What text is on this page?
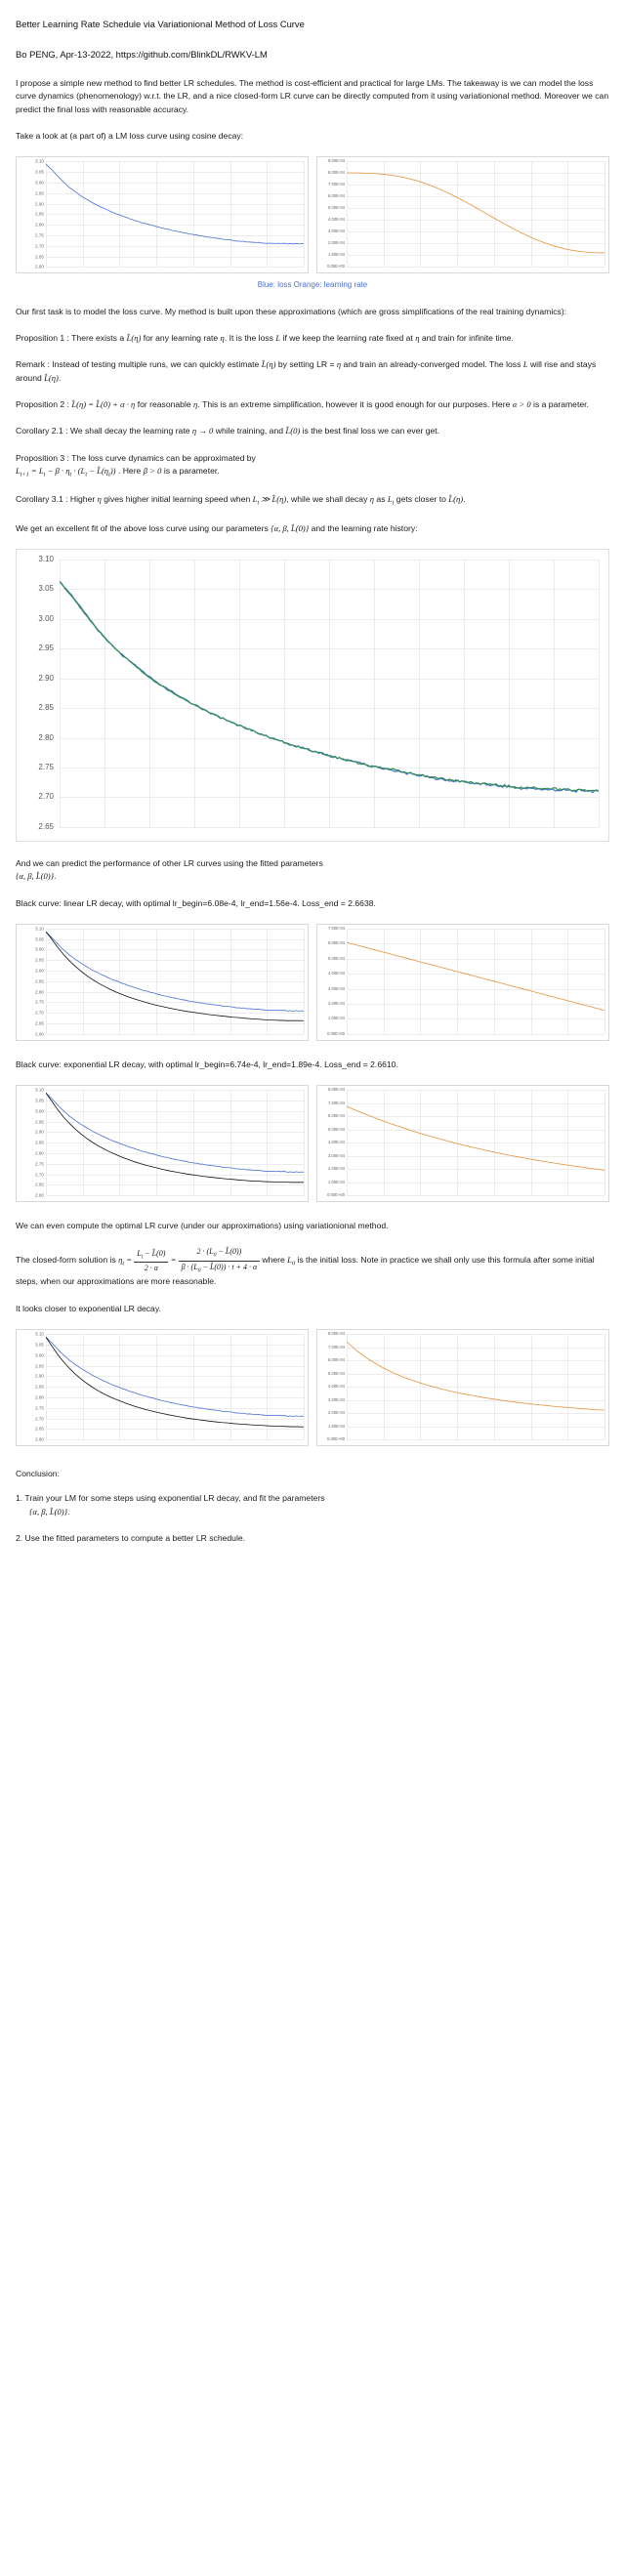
Better Learning Rate Schedule via Variationional Method of Loss Curve
Bo PENG, Apr-13-2022, https://github.com/BlinkDL/RWKV-LM

I propose a simple new method to find better LR schedules. The method is cost-efficient and practical for large LMs. The takeaway is we can model the loss curve dynamics (phenomenology) w.r.t. the LR, and a nice closed-form LR curve can be directly computed from it using variationional method. Moreover we can predict the final loss with reasonable accuracy.

Take a look at (a part of) a LM loss curve using cosine decay:

3.10
3.05
3.00
2.95
2.90
2.85
2.80
2.75
2.70
2.65
2.60
9.00E-04
8.00E-04
7.00E-04
6.00E-04
5.00E-04
4.00E-04
3.00E-04
2.00E-04
1.00E-04
0.00E+00
Blue: loss Orange: learning rate

Our first task is to model the loss curve. My method is built upon these approximations (which are gross simplifications of the real training dynamics):

Proposition 1 : There exists a L̂(η) for any learning rate η. It is the loss L if we keep the learning rate fixed at η and train for infinite time.

Remark : Instead of testing multiple runs, we can quickly estimate L̂(η) by setting LR = η and train an already-converged model. The loss L will rise and stays around L̂(η).

Proposition 2 : L̂(η) = L̂(0) + α · η for reasonable η. This is an extreme simplification, however it is good enough for our purposes. Here α > 0 is a parameter.

Corollary 2.1 : We shall decay the learning rate η → 0 while training, and L̂(0) is the best final loss we can ever get.

Proposition 3 : The loss curve dynamics can be approximated by
$L_{t+1} = L_t - \beta \cdot \eta_t \cdot (L_t$ − $L̂(\eta_t)$) . Here β > 0 is a parameter.

Corollary 3.1 : Higher η gives higher initial learning speed when $L_t$ ≫ L̂(η), while we shall decay η as $L_t$ gets closer to L̂(η).

We get an excellent fit of the above loss curve using our parameters {α, β, L̂(0)} and the learning rate history:

3.10
3.05
3.00
2.95
2.90
2.85
2.80
2.75
2.70
2.65

And we can predict the performance of other LR curves using the fitted parameters
{α, β, L̂(0)}.

Black curve: linear LR decay, with optimal lr_begin=6.08e-4, lr_end=1.56e-4. Loss_end = 2.6638.

3.10
3.05
3.00
2.95
2.90
2.85
2.80
2.75
2.70
2.65
2.60
7.00E-04
6.00E-04
5.00E-04
4.00E-04
3.00E-04
2.00E-04
1.00E-04
0.00E+00

Black curve: exponential LR decay, with optimal lr_begin=6.74e-4, lr_end=1.89e-4. Loss_end = 2.6610.

3.10
3.05
3.00
2.95
2.90
2.85
2.80
2.75
2.70
2.65
2.60
8.00E-04
7.00E-04
6.00E-04
5.00E-04
4.00E-04
3.00E-04
2.00E-04
1.00E-04
0.00E+00

We can even compute the optimal LR curve (under our approximations) using variationional method.

The closed-form solution is $\eta_t = \frac{L_t - L̂(0)}{2 \cdot \alpha} = \frac{2 \cdot (L_0 - L̂(0))}{\beta \cdot (L_0 - L̂(0)) \cdot t + 4 \cdot \alpha}$ where $L_0$ is the initial loss. Note in practice we shall only use this formula after some initial steps, when our approximations are more reasonable.

It looks closer to exponential LR decay.

3.10
3.05
3.00
2.95
2.90
2.85
2.80
2.75
2.70
2.65
2.60
8.00E-04
7.00E-04
6.00E-04
5.00E-04
4.00E-04
3.00E-04
2.00E-04
1.00E-04
0.00E+00
Conclusion:

1. Train your LM for some steps using exponential LR decay, and fit the parameters
{α, β, L̂(0)}.

2. Use the fitted parameters to compute a better LR schedule.
